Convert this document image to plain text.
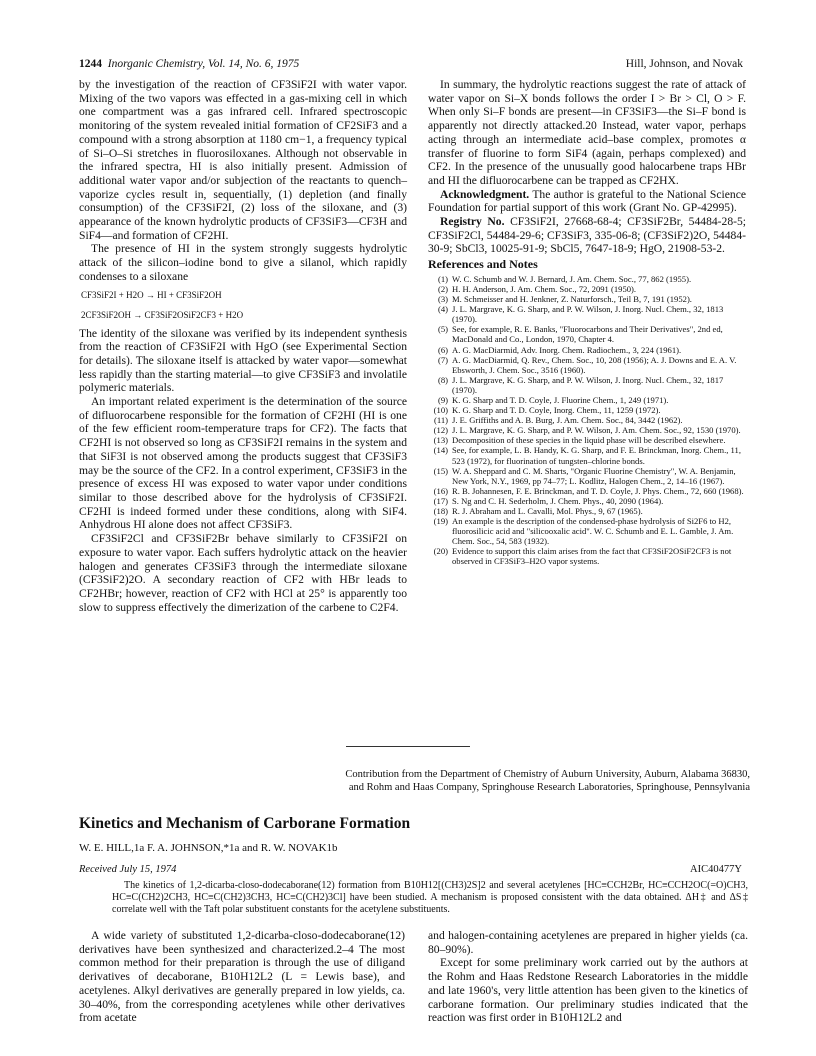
1244 Inorganic Chemistry, Vol. 14, No. 6, 1975	Hill, Johnson, and Novak

by the investigation of the reaction of CF3SiF2I with water vapor. Mixing of the two vapors was effected in a gas-mixing cell in which one compartment was a gas infrared cell. Infrared spectroscopic monitoring of the system revealed initial formation of CF2SiF3 and a compound with a strong absorption at 1180 cm−1, a frequency typical of Si–O–Si stretches in fluorosiloxanes. Although not observable in the infrared spectra, HI is also initially present. Admission of additional water vapor and/or subjection of the reactants to quench–vaporize cycles result in, sequentially, (1) depletion (and finally consumption) of the CF3SiF2I, (2) loss of the siloxane, and (3) appearance of the known hydrolytic products of CF3SiF3—CF3H and SiF4—and formation of CF2HI.

The presence of HI in the system strongly suggests hydrolytic attack of the silicon–iodine bond to give a silanol, which rapidly condenses to a siloxane

CF3SiF2I + H2O → HI + CF3SiF2OH
2CF3SiF2OH → CF3SiF2OSiF2CF3 + H2O

The identity of the siloxane was verified by its independent synthesis from the reaction of CF3SiF2I with HgO (see Experimental Section for details). The siloxane itself is attacked by water vapor—somewhat less rapidly than the starting material—to give CF3SiF3 and involatile polymeric materials.

An important related experiment is the determination of the source of difluorocarbene responsible for the formation of CF2HI (HI is one of the few efficient room-temperature traps for CF2). The facts that CF2HI is not observed so long as CF3SiF2I remains in the system and that SiF3I is not observed among the products suggest that CF3SiF3 may be the source of the CF2. In a control experiment, CF3SiF3 in the presence of excess HI was exposed to water vapor under conditions similar to those described above for the hydrolysis of CF3SiF2I. CF2HI is indeed formed under these conditions, along with SiF4. Anhydrous HI alone does not affect CF3SiF3.

CF3SiF2Cl and CF3SiF2Br behave similarly to CF3SiF2I on exposure to water vapor. Each suffers hydrolytic attack on the heavier halogen and generates CF3SiF3 through the intermediate siloxane (CF3SiF2)2O. A secondary reaction of CF2 with HBr leads to CF2HBr; however, reaction of CF2 with HCl at 25° is apparently too slow to suppress effectively the dimerization of the carbene to C2F4.

In summary, the hydrolytic reactions suggest the rate of attack of water vapor on Si–X bonds follows the order I > Br > Cl, O > F. When only Si–F bonds are present—in CF3SiF3—the Si–F bond is apparently not directly attacked.20 Instead, water vapor, perhaps acting through an intermediate acid–base complex, promotes α transfer of fluorine to form SiF4 (again, perhaps complexed) and CF2. In the presence of the unusually good halocarbene traps HBr and HI the difluorocarbene can be trapped as CF2HX.

Acknowledgment. The author is grateful to the National Science Foundation for partial support of this work (Grant No. GP-42995).

Registry No. CF3SiF2I, 27668-68-4; CF3SiF2Br, 54484-28-5; CF3SiF2Cl, 54484-29-6; CF3SiF3, 335-06-8; (CF3SiF2)2O, 54484-30-9; SbCl3, 10025-91-9; SbCl5, 7647-18-9; HgO, 21908-53-2.

References and Notes
(1) W. C. Schumb and W. J. Bernard, J. Am. Chem. Soc., 77, 862 (1955).
(2) H. H. Anderson, J. Am. Chem. Soc., 72, 2091 (1950).
(3) M. Schmeisser and H. Jenkner, Z. Naturforsch., Teil B, 7, 191 (1952).
(4) J. L. Margrave, K. G. Sharp, and P. W. Wilson, J. Inorg. Nucl. Chem., 32, 1813 (1970).
(5) See, for example, R. E. Banks, "Fluorocarbons and Their Derivatives", 2nd ed, MacDonald and Co., London, 1970, Chapter 4.
(6) A. G. MacDiarmid, Adv. Inorg. Chem. Radiochem., 3, 224 (1961).
(7) A. G. MacDiarmid, Q. Rev., Chem. Soc., 10, 208 (1956); A. J. Downs and E. A. V. Ebsworth, J. Chem. Soc., 3516 (1960).
(8) J. L. Margrave, K. G. Sharp, and P. W. Wilson, J. Inorg. Nucl. Chem., 32, 1817 (1970).
(9) K. G. Sharp and T. D. Coyle, J. Fluorine Chem., 1, 249 (1971).
(10) K. G. Sharp and T. D. Coyle, Inorg. Chem., 11, 1259 (1972).
(11) J. E. Griffiths and A. B. Burg, J. Am. Chem. Soc., 84, 3442 (1962).
(12) J. L. Margrave, K. G. Sharp, and P. W. Wilson, J. Am. Chem. Soc., 92, 1530 (1970).
(13) Decomposition of these species in the liquid phase will be described elsewhere.
(14) See, for example, L. B. Handy, K. G. Sharp, and F. E. Brinckman, Inorg. Chem., 11, 523 (1972), for fluorination of tungsten–chlorine bonds.
(15) W. A. Sheppard and C. M. Sharts, "Organic Fluorine Chemistry", W. A. Benjamin, New York, N.Y., 1969, pp 74–77; L. Kodlitz, Halogen Chem., 2, 14–16 (1967).
(16) R. B. Johannesen, F. E. Brinckman, and T. D. Coyle, J. Phys. Chem., 72, 660 (1968).
(17) S. Ng and C. H. Sederholm, J. Chem. Phys., 40, 2090 (1964).
(18) R. J. Abraham and L. Cavalli, Mol. Phys., 9, 67 (1965).
(19) An example is the description of the condensed-phase hydrolysis of Si2F6 to H2, fluorosilicic acid and "silicooxalic acid". W. C. Schumb and E. L. Gamble, J. Am. Chem. Soc., 54, 583 (1932).
(20) Evidence to support this claim arises from the fact that CF3SiF2OSiF2CF3 is not observed in CF3SiF3–H2O vapor systems.
Contribution from the Department of Chemistry of Auburn University, Auburn, Alabama 36830,
and Rohm and Haas Company, Springhouse Research Laboratories, Springhouse, Pennsylvania
Kinetics and Mechanism of Carborane Formation
W. E. HILL,1a F. A. JOHNSON,*1a and R. W. NOVAK1b
Received July 15, 1974	AIC40477Y
The kinetics of 1,2-dicarba-closo-dodecaborane(12) formation from B10H12[(CH3)2S]2 and several acetylenes [HC≡CCH2Br, HC≡CCH2OC(=O)CH3, HC≡C(CH2)2CH3, HC≡C(CH2)3CH3, HC≡C(CH2)3Cl] have been studied. A mechanism is proposed consistent with the data obtained. ΔH‡ and ΔS‡ correlate well with the Taft polar substituent constants for the acetylene substituents.

A wide variety of substituted 1,2-dicarba-closo-dodecaborane(12) derivatives have been synthesized and characterized.2–4 The most common method for their preparation is through the use of diligand derivatives of decaborane, B10H12L2 (L = Lewis base), and acetylenes. Alkyl derivatives are generally prepared in low yields, ca. 30–40%, from the corresponding acetylenes while other derivatives from acetate

and halogen-containing acetylenes are prepared in higher yields (ca. 80–90%).

Except for some preliminary work carried out by the authors at the Rohm and Haas Redstone Research Laboratories in the middle and late 1960's, very little attention has been given to the kinetics of carborane formation. Our preliminary studies indicated that the reaction was first order in B10H12L2 and
